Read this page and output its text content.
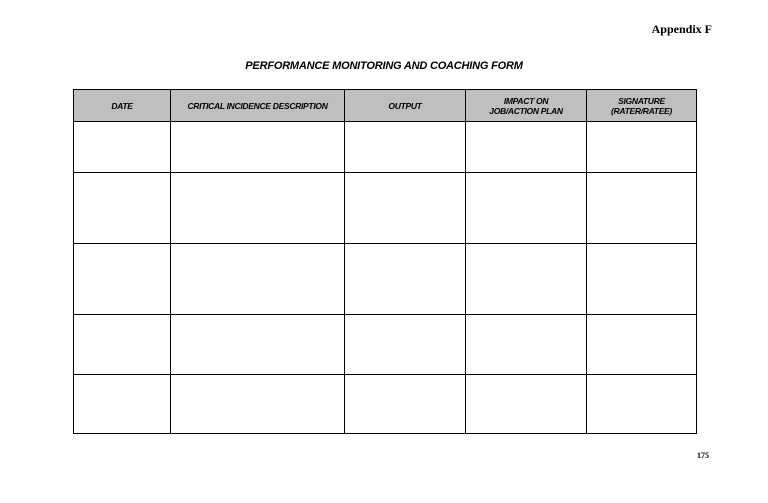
Appendix F
PERFORMANCE MONITORING AND COACHING FORM
DATE	CRITICAL INCIDENCE DESCRIPTION	OUTPUT	IMPACT ON JOB/ACTION PLAN	SIGNATURE (RATER/RATEE)

175
